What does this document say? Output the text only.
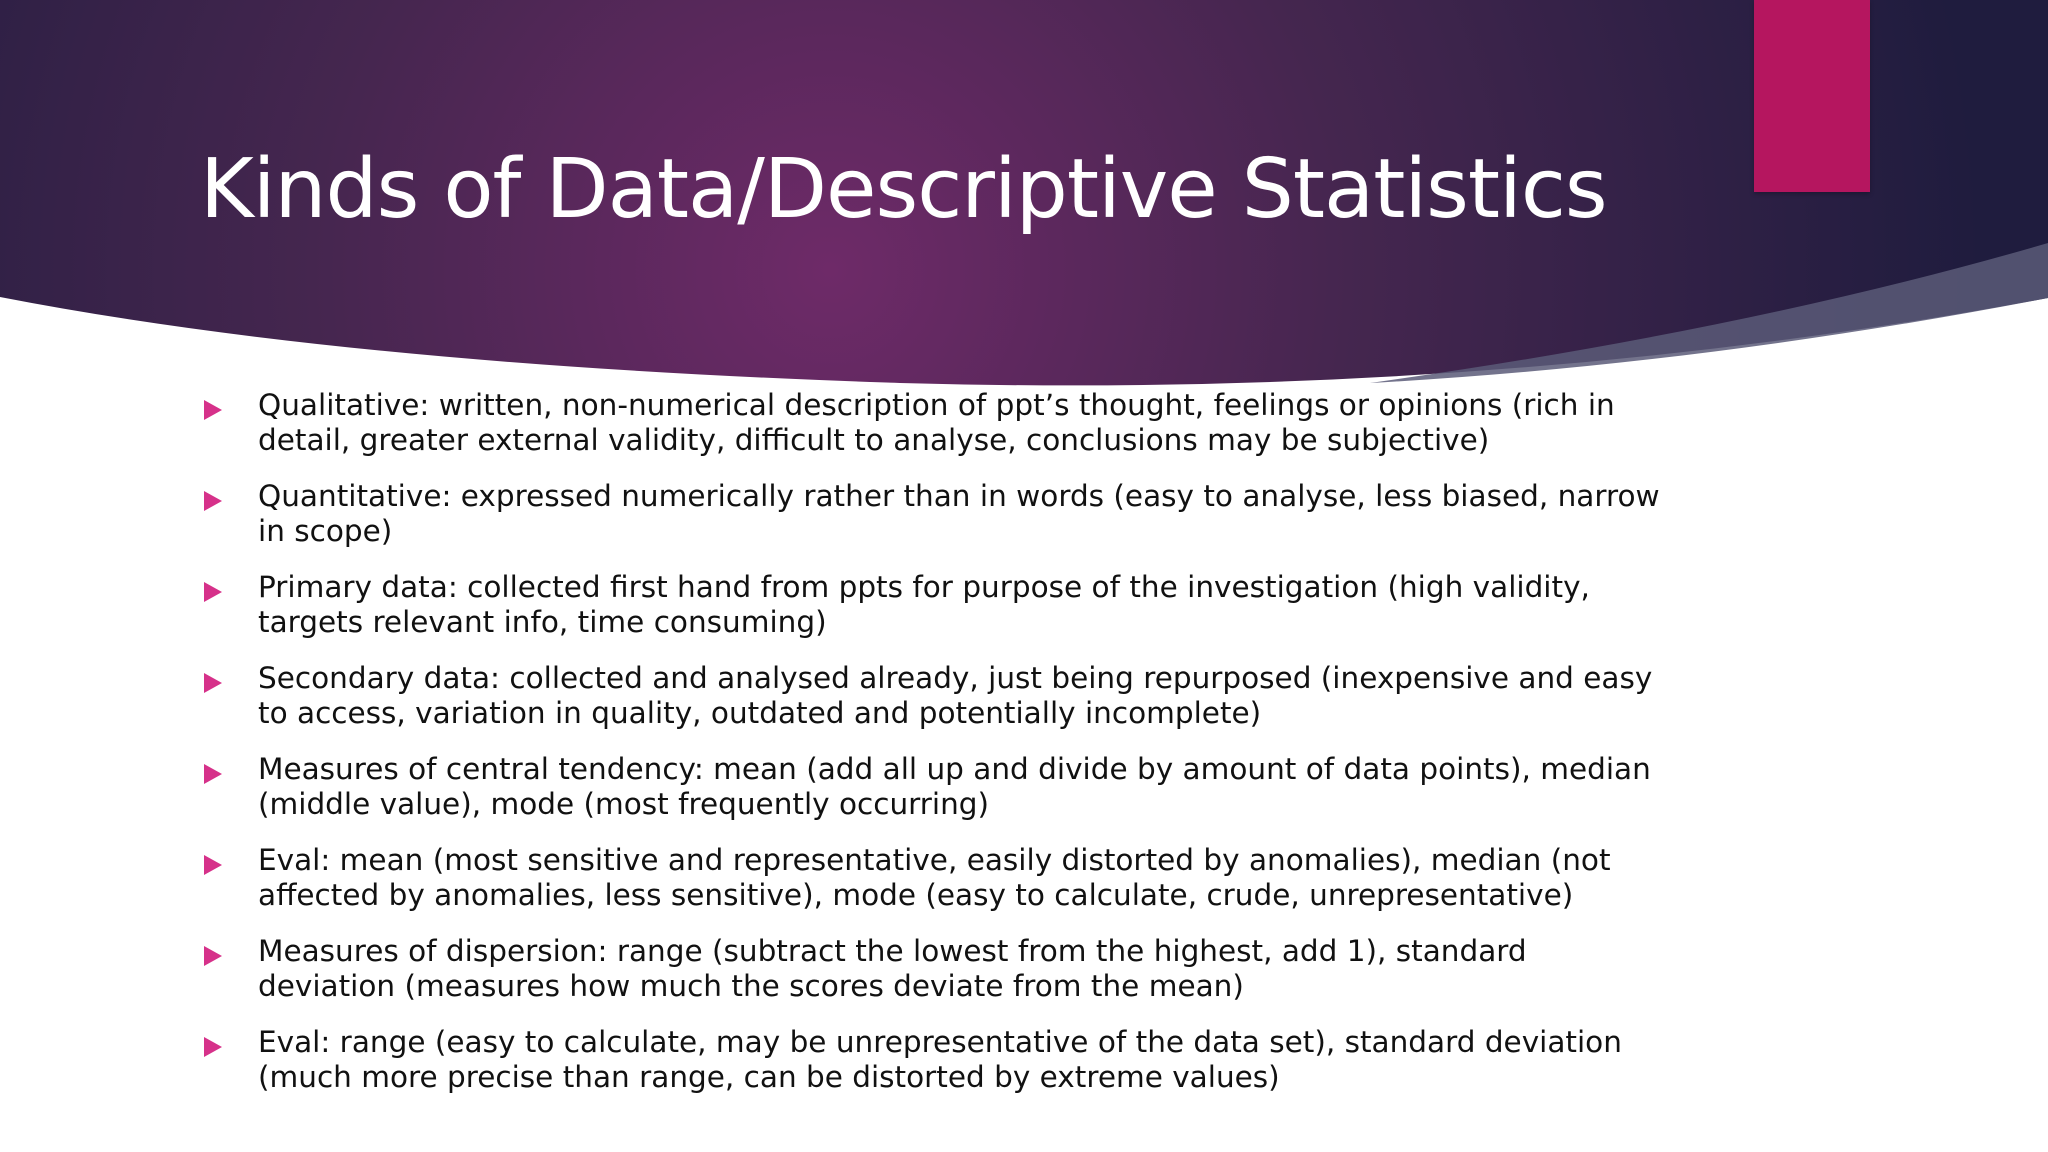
Kinds of Data/Descriptive Statistics
Qualitative: written, non-numerical description of ppt’s thought, feelings or opinions (rich in detail, greater external validity, difficult to analyse, conclusions may be subjective)
Quantitative: expressed numerically rather than in words (easy to analyse, less biased, narrow in scope)
Primary data: collected first hand from ppts for purpose of the investigation (high validity, targets relevant info, time consuming)
Secondary data: collected and analysed already, just being repurposed (inexpensive and easy to access, variation in quality, outdated and potentially incomplete)
Measures of central tendency: mean (add all up and divide by amount of data points), median (middle value), mode (most frequently occurring)
Eval: mean (most sensitive and representative, easily distorted by anomalies), median (not affected by anomalies, less sensitive), mode (easy to calculate, crude, unrepresentative)
Measures of dispersion: range (subtract the lowest from the highest, add 1), standard deviation (measures how much the scores deviate from the mean)
Eval: range (easy to calculate, may be unrepresentative of the data set), standard deviation (much more precise than range, can be distorted by extreme values)
